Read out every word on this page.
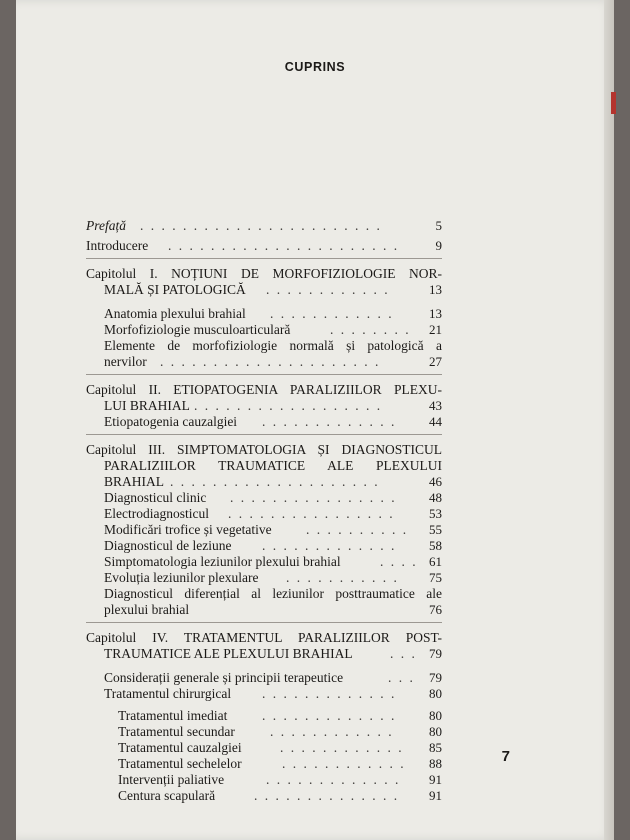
CUPRINS
Prefață . . . . . . . . . . . . . . . . . . . . . . .	5
Introducere . . . . . . . . . . . . . . . . . . . . . .	9
Capitolul I. NOȚIUNI DE MORFOFIZIOLOGIE NOR-
MALĂ ȘI PATOLOGICĂ . . . . . . . . . . . .	13
Anatomia plexului brahial . . . . . . . . . . . .	13
Morfofiziologie musculoarticulară	. . . . . . . .	21
Elemente de morfofiziologie normală și patologică a
nervilor . . . . . . . . . . . . . . . . . . . . .	27
Capitolul II. ETIOPATOGENIA PARALIZIILOR PLEXU-
LUI BRAHIAL . . . . . . . . . . . . . . . . . .	43
Etiopatogenia cauzalgiei . . . . . . . . . . . . .	44
Capitolul III. SIMPTOMATOLOGIA ȘI DIAGNOSTICUL
PARALIZIILOR TRAUMATICE ALE PLEXULUI
BRAHIAL . . . . . . . . . . . . . . . . . . . .	46
Diagnosticul clinic . . . . . . . . . . . . . . . .	48
Electrodiagnosticul . . . . . . . . . . . . . . . .	53
Modificări trofice și vegetative	. . . . . . . . . .	55
Diagnosticul de leziune . . . . . . . . . . . . .	58
Simptomatologia leziunilor plexului brahial	. . . . 61
Evoluția leziunilor plexulare . . . . . . . . . . .	75
Diagnosticul diferențial al leziunilor posttraumatice ale
plexului brahial	76
Capitolul IV. TRATAMENTUL PARALIZIILOR POST-
TRAUMATICE ALE PLEXULUI BRAHIAL	. . . 79
Considerații generale și principii terapeutice	. . .	79
Tratamentul chirurgical . . . . . . . . . . . . .	80
Tratamentul imediat	. . . . . . . . . . . . .	80
Tratamentul secundar	. . . . . . . . . . . .	80
Tratamentul cauzalgiei	. . . . . . . . . . . .	85
Tratamentul sechelelor	. . . . . . . . . . . .	88
Intervenții paliative	. . . . . . . . . . . . .	91
Centura scapulară	. . . . . . . . . . . . . .	91
7
